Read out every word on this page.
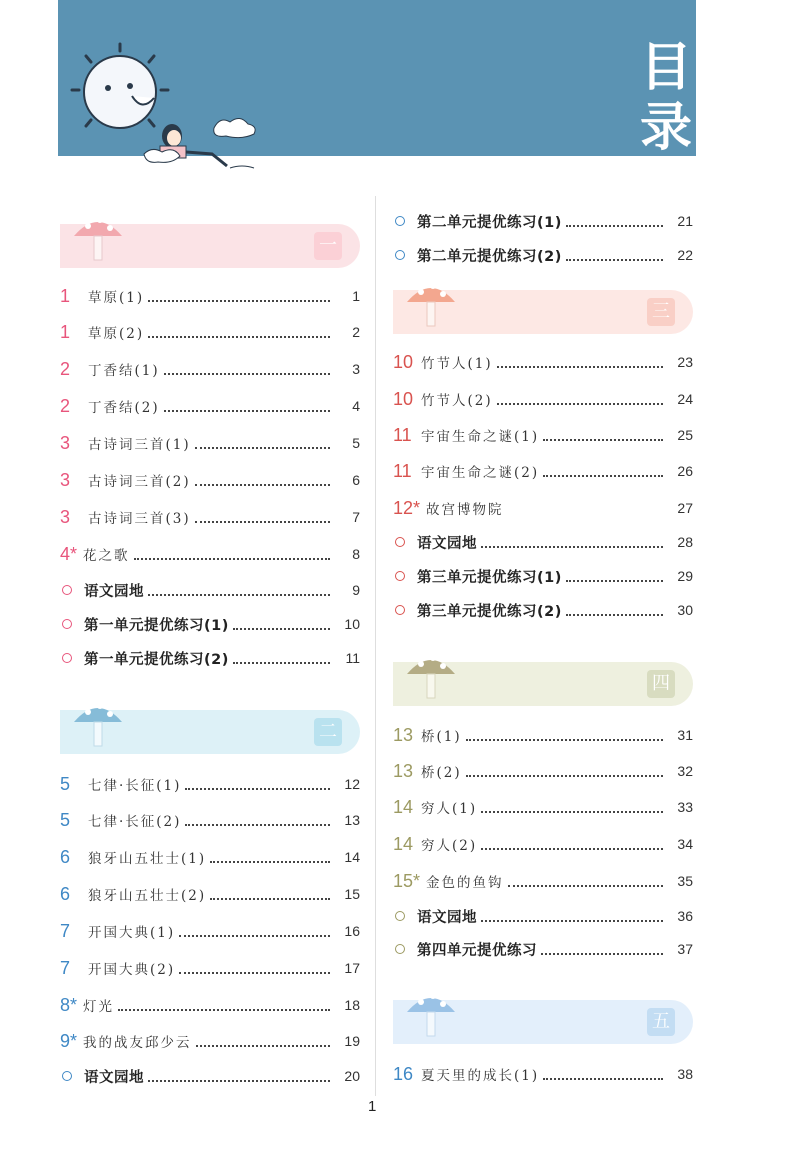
目录
一
1	草原(1)	1
1	草原(2)	2
2	丁香结(1)	3
2	丁香结(2)	4
3	古诗词三首(1)	5
3	古诗词三首(2)	6
3	古诗词三首(3)	7
4* 花之歌	8
语文园地	9
第一单元提优练习(1)	10
第一单元提优练习(2)	11
二
5	七律·长征(1)	12
5	七律·长征(2)	13
6	狼牙山五壮士(1)	14
6	狼牙山五壮士(2)	15
7	开国大典(1)	16
7	开国大典(2)	17
8* 灯光	18
9* 我的战友邱少云	19
语文园地	20
第二单元提优练习(1)	21
第二单元提优练习(2)	22
三
10 竹节人(1)	23
10 竹节人(2)	24
11 宇宙生命之谜(1)	25
11 宇宙生命之谜(2)	26
12* 故宫博物院	27
语文园地	28
第三单元提优练习(1)	29
第三单元提优练习(2)	30
四
13 桥(1)	31
13 桥(2)	32
14 穷人(1)	33
14 穷人(2)	34
15* 金色的鱼钩	35
语文园地	36
第四单元提优练习	37
五
16 夏天里的成长(1)	38
1
